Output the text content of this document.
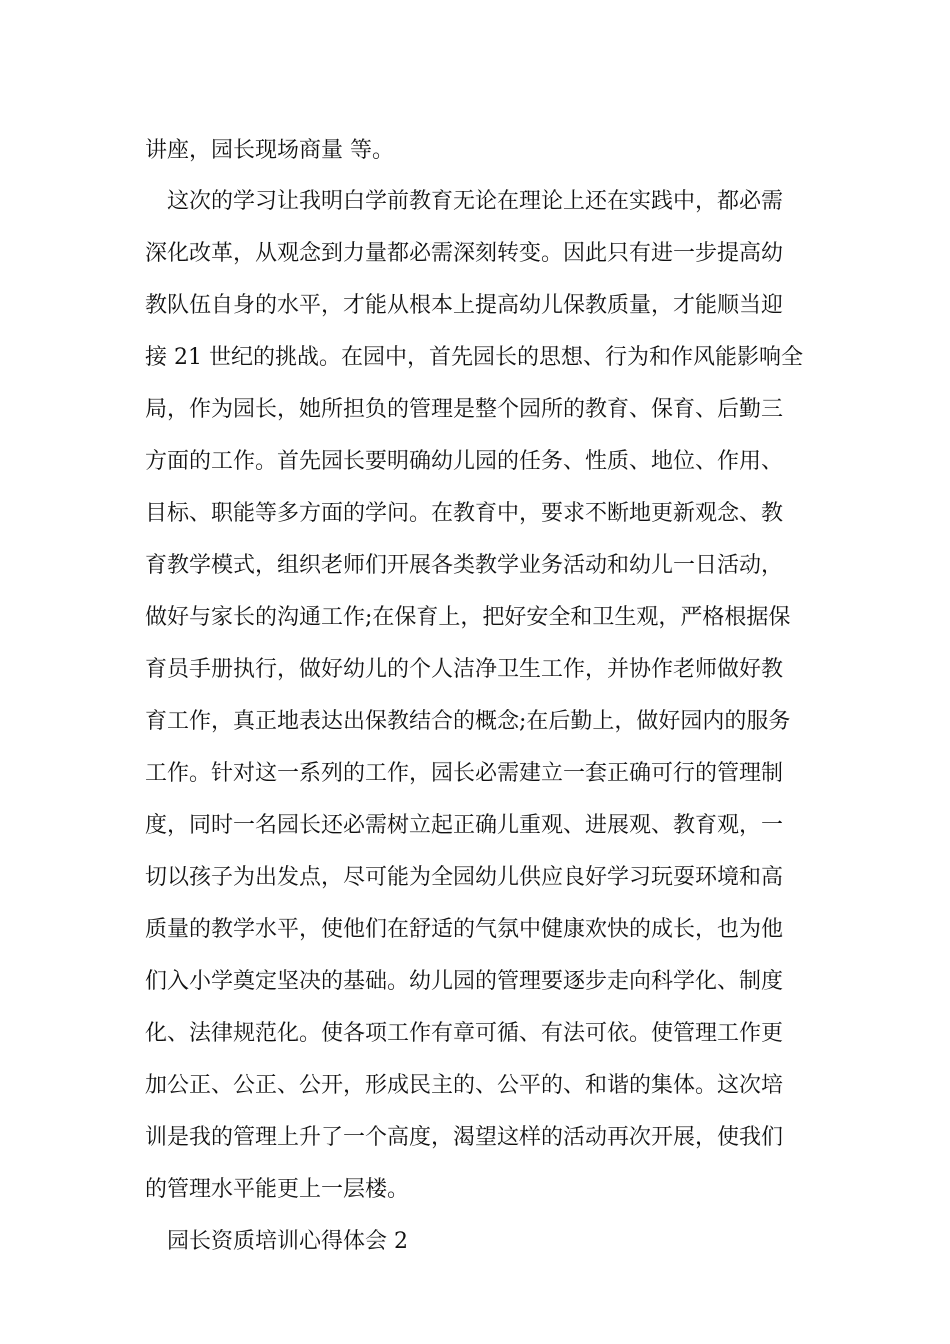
讲座，园长现场商量 等。
这次的学习让我明白学前教育无论在理论上还在实践中，都必需
深化改革，从观念到力量都必需深刻转变。因此只有进一步提高幼
教队伍自身的水平，才能从根本上提高幼儿保教质量，才能顺当迎
接 21 世纪的挑战。在园中，首先园长的思想、行为和作风能影响全
局，作为园长，她所担负的管理是整个园所的教育、保育、后勤三
方面的工作。首先园长要明确幼儿园的任务、性质、地位、作用、
目标、职能等多方面的学问。在教育中，要求不断地更新观念、教
育教学模式，组织老师们开展各类教学业务活动和幼儿一日活动，
做好与家长的沟通工作;在保育上，把好安全和卫生观，严格根据保
育员手册执行，做好幼儿的个人洁净卫生工作，并协作老师做好教
育工作，真正地表达出保教结合的概念;在后勤上，做好园内的服务
工作。针对这一系列的工作，园长必需建立一套正确可行的管理制
度，同时一名园长还必需树立起正确儿重观、进展观、教育观，一
切以孩子为出发点，尽可能为全园幼儿供应良好学习玩耍环境和高
质量的教学水平，使他们在舒适的气氛中健康欢快的成长，也为他
们入小学奠定坚决的基础。幼儿园的管理要逐步走向科学化、制度
化、法律规范化。使各项工作有章可循、有法可依。使管理工作更
加公正、公正、公开，形成民主的、公平的、和谐的集体。这次培
训是我的管理上升了一个高度，渴望这样的活动再次开展，使我们
的管理水平能更上一层楼。
园长资质培训心得体会 2
